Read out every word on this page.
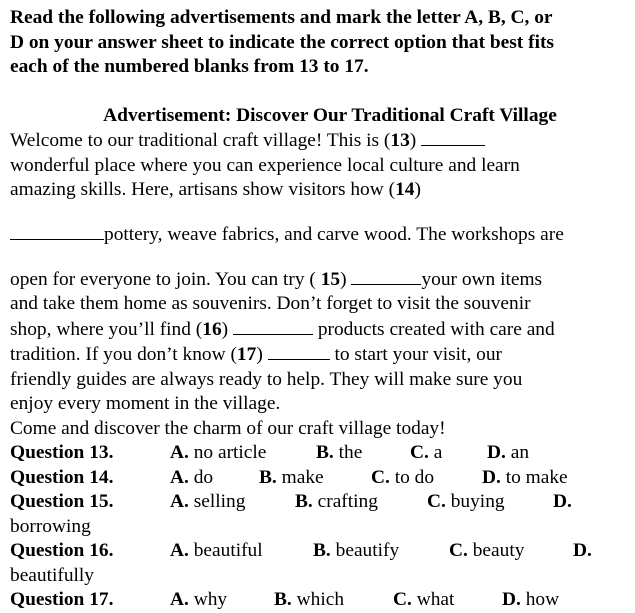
Read the following advertisements and mark the letter A, B, C, or
D on your answer sheet to indicate the correct option that best fits
each of the numbered blanks from 13 to 17.

Advertisement: Discover Our Traditional Craft Village

Welcome to our traditional craft village! This is (13)

wonderful place where you can experience local culture and learn

amazing skills. Here, artisans show visitors how (14)

pottery, weave fabrics, and carve wood. The workshops are

open for everyone to join. You can try ( 15)	your own items

and take them home as souvenirs. Don’t forget to visit the souvenir

shop, where you’ll find (16)	products created with care and

tradition. If you don’t know (17)	to start your visit, our

friendly guides are always ready to help. They will make sure you

enjoy every moment in the village.

Come and discover the charm of our craft village today!

Question 13.	A. no article	B. the C. a D. an
Question 14.	A. do B. make C. to do D. to make
Question 15.	A. selling	B. crafting	C. buying D.

borrowing

Question 16.	A. beautiful	B. beautify	C. beauty	D.

beautifully

Question 17.	A. why B. which	C. what D. how
